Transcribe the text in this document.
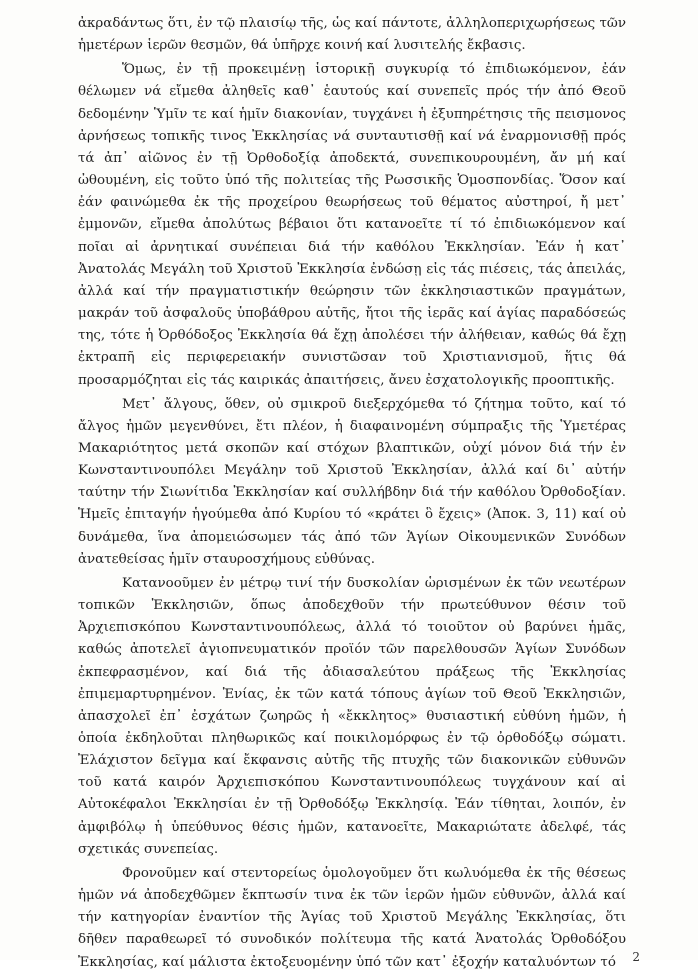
ἀκραδάντως ὅτι, ἐν τῷ πλαισίῳ τῆς, ὡς καί πάντοτε, ἀλληλοπεριχωρήσεως τῶν ἡμετέρων ἱερῶν θεσμῶν, θά ὑπῆρχε κοινή καί λυσιτελής ἔκβασις.

Ὅμως, ἐν τῇ προκειμένῃ ἱστορικῇ συγκυρίᾳ τό ἐπιδιωκόμενον, ἐάν θέλωμεν νά εἴμεθα ἀληθεῖς καθ᾽ ἑαυτούς καί συνεπεῖς πρός τήν ἀπό Θεοῦ δεδομένην Ὑμῖν τε καί ἡμῖν διακονίαν, τυγχάνει ἡ ἐξυπηρέτησις τῆς πεισμονος ἀρνήσεως τοπικῆς τινος Ἐκκλησίας νά συνταυτισθῇ καί νά ἐναρμονισθῇ πρός τά ἀπ᾽ αἰῶνος ἐν τῇ Ὀρθοδοξίᾳ ἀποδεκτά, συνεπικουρουμένη, ἄν μή καί ὠθουμένη, εἰς τοῦτο ὑπό τῆς πολιτείας τῆς Ρωσσικῆς Ὁμοσπονδίας. Ὅσον καί ἐάν φαινώμεθα ἐκ τῆς προχείρου θεωρήσεως τοῦ θέματος αὐστηροί, ἤ μετ᾽ ἐμμονῶν, εἴμεθα ἀπολύτως βέβαιοι ὅτι κατανοεῖτε τί τό ἐπιδιωκόμενον καί ποῖαι αἱ ἀρνητικαί συνέπειαι διά τήν καθόλου Ἐκκλησίαν. Ἐάν ἡ κατ᾽ Ἀνατολάς Μεγάλη τοῦ Χριστοῦ Ἐκκλησία ἐνδώσῃ εἰς τάς πιέσεις, τάς ἀπειλάς, ἀλλά καί τήν πραγματιστικήν θεώρησιν τῶν ἐκκλησιαστικῶν πραγμάτων, μακράν τοῦ ἀσφαλοῦς ὑποβάθρου αὐτῆς, ἤτοι τῆς ἱερᾶς καί ἁγίας παραδόσεώς της, τότε ἡ Ὀρθόδοξος Ἐκκλησία θά ἔχῃ ἀπολέσει τήν ἀλήθειαν, καθώς θά ἔχῃ ἐκτραπῆ εἰς περιφερειακήν συνιστῶσαν τοῦ Χριστιανισμοῦ, ἥτις θά προσαρμόζηται εἰς τάς καιρικάς ἀπαιτήσεις, ἄνευ ἐσχατολογικῆς προοπτικῆς.

Μετ᾽ ἄλγους, ὅθεν, οὐ σμικροῦ διεξερχόμεθα τό ζήτημα τοῦτο, καί τό ἄλγος ἡμῶν μεγενθύνει, ἔτι πλέον, ἡ διαφαινομένη σύμπραξις τῆς Ὑμετέρας Μακαριότητος μετά σκοπῶν καί στόχων βλαπτικῶν, οὐχί μόνον διά τήν ἐν Κωνσταντινουπόλει Μεγάλην τοῦ Χριστοῦ Ἐκκλησίαν, ἀλλά καί δι᾽ αὐτήν ταύτην τήν Σιωνίτιδα Ἐκκλησίαν καί συλλήβδην διά τήν καθόλου Ὀρθοδοξίαν. Ἡμεῖς ἐπιταγήν ἡγούμεθα ἀπό Κυρίου τό «κράτει ὃ ἔχεις» (Ἀποκ. 3, 11) καί οὐ δυνάμεθα, ἵνα ἀπομειώσωμεν τάς ἀπό τῶν Ἁγίων Οἰκουμενικῶν Συνόδων ἀνατεθείσας ἡμῖν σταυροσχήμους εὐθύνας.

Κατανοοῦμεν ἐν μέτρῳ τινί τήν δυσκολίαν ὡρισμένων ἐκ τῶν νεωτέρων τοπικῶν Ἐκκλησιῶν, ὅπως ἀποδεχθοῦν τήν πρωτεύθυνον θέσιν τοῦ Ἀρχιεπισκόπου Κωνσταντινουπόλεως, ἀλλά τό τοιοῦτον οὐ βαρύνει ἡμᾶς, καθώς ἀποτελεῖ ἁγιοπνευματικόν προϊόν τῶν παρελθουσῶν Ἁγίων Συνόδων ἐκπεφρασμένον, καί διά τῆς ἀδιασαλεύτου πράξεως τῆς Ἐκκλησίας ἐπιμεμαρτυρημένον. Ἐνίας, ἐκ τῶν κατά τόπους ἁγίων τοῦ Θεοῦ Ἐκκλησιῶν, ἀπασχολεῖ ἐπ᾽ ἐσχάτων ζωηρῶς ἡ «ἔκκλητος» θυσιαστική εὐθύνη ἡμῶν, ἡ ὁποία ἐκδηλοῦται πληθωρικῶς καί ποικιλομόρφως ἐν τῷ ὀρθοδόξῳ σώματι. Ἐλάχιστον δεῖγμα καί ἔκφανσις αὐτῆς τῆς πτυχῆς τῶν διακονικῶν εὐθυνῶν τοῦ κατά καιρόν Ἀρχιεπισκόπου Κωνσταντινουπόλεως τυγχάνουν καί αἱ Αὐτοκέφαλοι Ἐκκλησίαι ἐν τῇ Ὀρθοδόξῳ Ἐκκλησίᾳ. Ἐάν τίθηται, λοιπόν, ἐν ἀμφιβόλῳ ἡ ὑπεύθυνος θέσις ἡμῶν, κατανοεῖτε, Μακαριώτατε ἀδελφέ, τάς σχετικάς συνεπείας.

Φρονοῦμεν καί στεντορείως ὁμολογοῦμεν ὅτι κωλυόμεθα ἐκ τῆς θέσεως ἡμῶν νά ἀποδεχθῶμεν ἔκπτωσίν τινα ἐκ τῶν ἱερῶν ἡμῶν εὐθυνῶν, ἀλλά καί τήν κατηγορίαν ἐναντίον τῆς Ἁγίας τοῦ Χριστοῦ Μεγάλης Ἐκκλησίας, ὅτι δῆθεν παραθεωρεῖ τό συνοδικόν πολίτευμα τῆς κατά Ἀνατολάς Ὀρθοδόξου Ἐκκλησίας, καί μάλιστα ἐκτοξευομένην ὑπό τῶν κατ᾽ ἐξοχήν καταλυόντων τό	2
